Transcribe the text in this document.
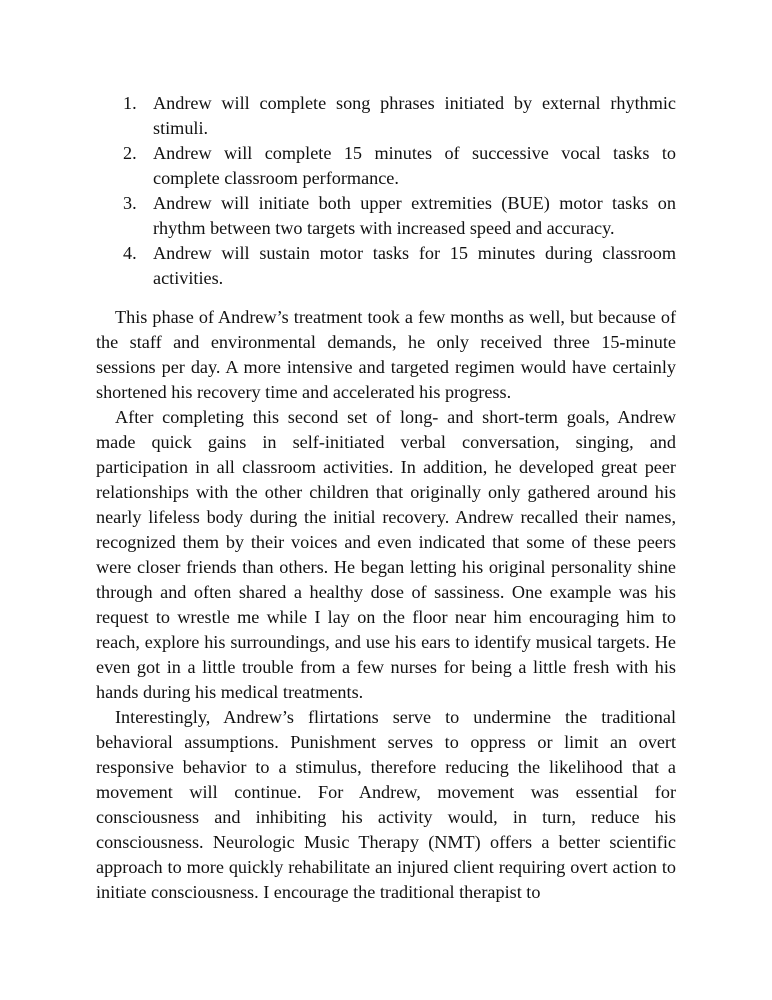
1. Andrew will complete song phrases initiated by external rhythmic stimuli.
2. Andrew will complete 15 minutes of successive vocal tasks to complete classroom performance.
3. Andrew will initiate both upper extremities (BUE) motor tasks on rhythm between two targets with increased speed and accuracy.
4. Andrew will sustain motor tasks for 15 minutes during classroom activities.

This phase of Andrew’s treatment took a few months as well, but because of the staff and environmental demands, he only received three 15-minute sessions per day. A more intensive and targeted regimen would have certainly shortened his recovery time and accelerated his progress.

After completing this second set of long- and short-term goals, Andrew made quick gains in self-initiated verbal conversation, singing, and participation in all classroom activities. In addition, he developed great peer relationships with the other children that originally only gathered around his nearly lifeless body during the initial recovery. Andrew recalled their names, recognized them by their voices and even indicated that some of these peers were closer friends than others. He began letting his original personality shine through and often shared a healthy dose of sassiness. One example was his request to wrestle me while I lay on the floor near him encouraging him to reach, explore his surroundings, and use his ears to identify musical targets. He even got in a little trouble from a few nurses for being a little fresh with his hands during his medical treatments.

Interestingly, Andrew’s flirtations serve to undermine the traditional behavioral assumptions. Punishment serves to oppress or limit an overt responsive behavior to a stimulus, therefore reducing the likelihood that a movement will continue. For Andrew, movement was essential for consciousness and inhibiting his activity would, in turn, reduce his consciousness. Neurologic Music Therapy (NMT) offers a better scientific approach to more quickly rehabilitate an injured client requiring overt action to initiate consciousness. I encourage the traditional therapist to
